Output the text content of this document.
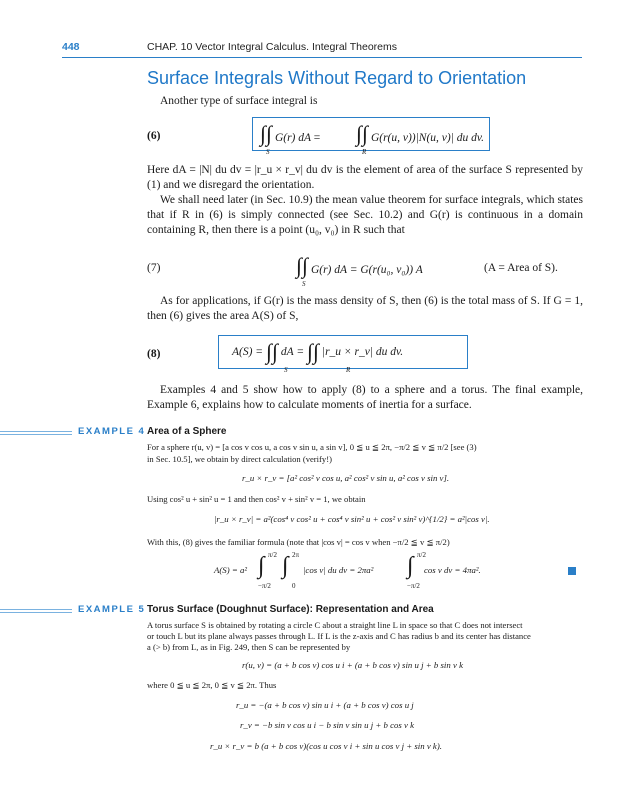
448	CHAP. 10 Vector Integral Calculus. Integral Theorems
Surface Integrals Without Regard to Orientation
Another type of surface integral is
(6)	∫∫ G(r) dA =
S
∫∫ G(r(u, v))|N(u, v)| du dv.
R
Here dA = |N| du dv = |r_u × r_v| du dv is the element of area of the surface S represented by (1) and we disregard the orientation.
We shall need later (in Sec. 10.9) the mean value theorem for surface integrals, which states that if R in (6) is simply connected (see Sec. 10.2) and G(r) is continuous in a domain containing R, then there is a point (u₀, v₀) in R such that
(7)	∫∫ G(r) dA = G(r(u₀, v₀)) A
S
(A = Area of S).
As for applications, if G(r) is the mass density of S, then (6) is the total mass of S. If G = 1, then (6) gives the area A(S) of S,
(8)	A(S) = ∫∫ dA = ∫∫ |r_u × r_v| du dv.
S	R
Examples 4 and 5 show how to apply (8) to a sphere and a torus. The final example, Example 6, explains how to calculate moments of inertia for a surface.
EXAMPLE 4 Area of a Sphere
For a sphere r(u, v) = [a cos v cos u, a cos v sin u, a sin v], 0 ≦ u ≦ 2π, −π/2 ≦ v ≦ π/2 [see (3)
in Sec. 10.5], we obtain by direct calculation (verify!)
r_u × r_v = [a² cos² v cos u, a² cos² v sin u, a² cos v sin v].
Using cos² u + sin² u = 1 and then cos² v + sin² v = 1, we obtain
|r_u × r_v| = a²(cos⁴ v cos² u + cos⁴ v sin² u + cos² v sin² v)^{1/2} = a²|cos v|.
With this, (8) gives the familiar formula (note that |cos v| = cos v when −π/2 ≦ v ≦ π/2)
A(S) = a² ∫ π/2
−π/2
∫ 2π
0
|cos v| du dv = 2πa² ∫ π/2
−π/2
cos v dv = 4πa².
EXAMPLE 5 Torus Surface (Doughnut Surface): Representation and Area
A torus surface S is obtained by rotating a circle C about a straight line L in space so that C does not intersect
or touch L but its plane always passes through L. If L is the z-axis and C has radius b and its center has distance
a (> b) from L, as in Fig. 249, then S can be represented by
r(u, v) = (a + b cos v) cos u i + (a + b cos v) sin u j + b sin v k
where 0 ≦ u ≦ 2π, 0 ≦ v ≦ 2π. Thus
r_u = −(a + b cos v) sin u i + (a + b cos v) cos u j
r_v = −b sin v cos u i − b sin v sin u j + b cos v k
r_u × r_v = b (a + b cos v)(cos u cos v i + sin u cos v j + sin v k).
